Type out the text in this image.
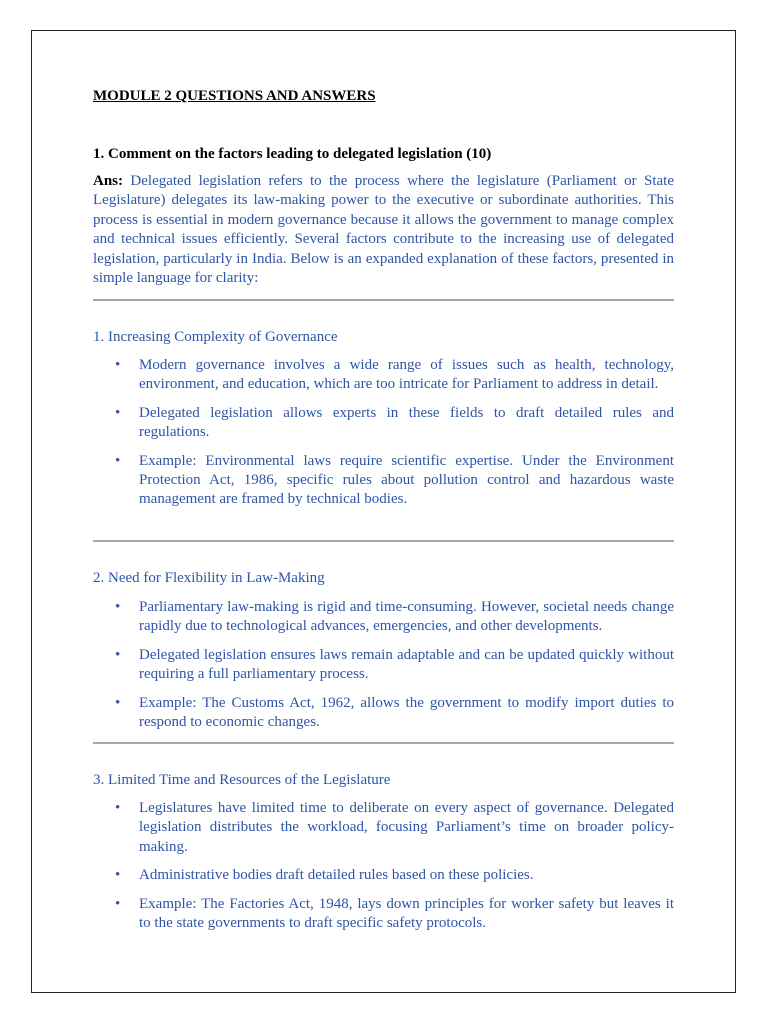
MODULE 2 QUESTIONS AND ANSWERS

1. Comment on the factors leading to delegated legislation (10)

Ans: Delegated legislation refers to the process where the legislature (Parliament or State Legislature) delegates its law-making power to the executive or subordinate authorities. This process is essential in modern governance because it allows the government to manage complex and technical issues efficiently. Several factors contribute to the increasing use of delegated legislation, particularly in India. Below is an expanded explanation of these factors, presented in simple language for clarity:

1. Increasing Complexity of Governance

• Modern governance involves a wide range of issues such as health, technology, environment, and education, which are too intricate for Parliament to address in detail.
• Delegated legislation allows experts in these fields to draft detailed rules and regulations.
• Example: Environmental laws require scientific expertise. Under the Environment Protection Act, 1986, specific rules about pollution control and hazardous waste management are framed by technical bodies.

2. Need for Flexibility in Law-Making

• Parliamentary law-making is rigid and time-consuming. However, societal needs change rapidly due to technological advances, emergencies, and other developments.
• Delegated legislation ensures laws remain adaptable and can be updated quickly without requiring a full parliamentary process.
• Example: The Customs Act, 1962, allows the government to modify import duties to respond to economic changes.

3. Limited Time and Resources of the Legislature

• Legislatures have limited time to deliberate on every aspect of governance. Delegated legislation distributes the workload, focusing Parliament’s time on broader policy-making.
• Administrative bodies draft detailed rules based on these policies.
• Example: The Factories Act, 1948, lays down principles for worker safety but leaves it to the state governments to draft specific safety protocols.
